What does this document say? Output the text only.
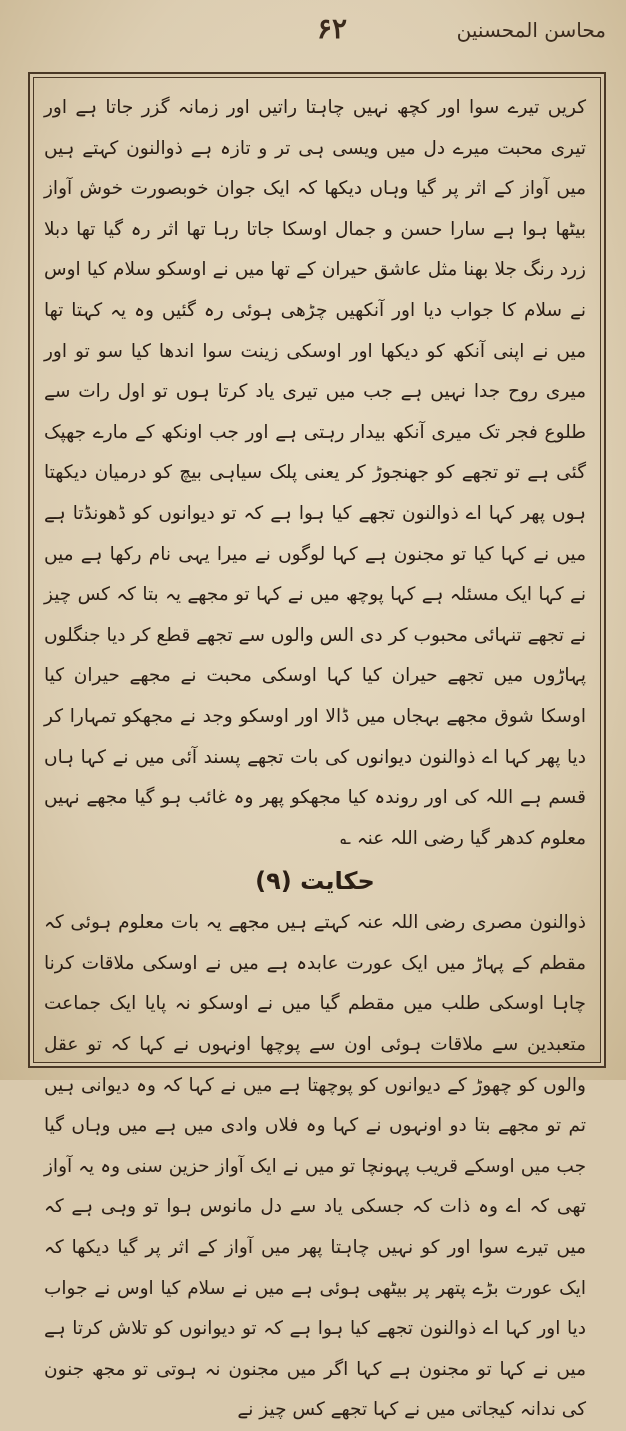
۶۲	محاسن المحسنین

کریں تیرے سوا اور کچھ نہیں چاہتا راتیں اور زمانہ گزر جاتا ہے اور تیری محبت میرے دل میں ویسی ہی تر و تازہ ہے ذوالنون کہتے ہیں میں آواز کے اثر پر گیا وہاں دیکھا کہ ایک جوان خوبصورت خوش آواز بیٹھا ہوا ہے سارا حسن و جمال اوسکا جاتا رہا تھا اثر رہ گیا تھا دبلا زرد رنگ جلا بھنا مثل عاشق حیران کے تھا میں نے اوسکو سلام کیا اوس نے سلام کا جواب دیا اور آنکھیں چڑھی ہوئی رہ گئیں وہ یہ کہتا تھا میں نے اپنی آنکھ کو دیکھا اور اوسکی زینت سوا اندھا کیا سو تو اور میری روح جدا نہیں ہے جب میں تیری یاد کرتا ہوں تو اول رات سے طلوع فجر تک میری آنکھ بیدار رہتی ہے اور جب اونکھ کے مارے جھپک گئی ہے تو تجھے کو جھنجوڑ کر یعنی پلک سیاہی بیچ کو درمیان دیکھتا ہوں پھر کہا اے ذوالنون تجھے کیا ہوا ہے کہ تو دیوانوں کو ڈھونڈتا ہے میں نے کہا کیا تو مجنون ہے کہا لوگوں نے میرا یہی نام رکھا ہے میں نے کہا ایک مسئلہ ہے کہا پوچھ میں نے کہا تو مجھے یہ بتا کہ کس چیز نے تجھے تنہائی محبوب کر دی الس والوں سے تجھے قطع کر دیا جنگلوں پہاڑوں میں تجھے حیران کیا کہا اوسکی محبت نے مجھے حیران کیا اوسکا شوق مجھے بہجاں میں ڈالا اور اوسکو وجد نے مجھکو تمہارا کر دیا پھر کہا اے ذوالنون دیوانوں کی بات تجھے پسند آئی میں نے کہا ہاں قسم ہے اللہ کی اور روندہ کیا مجھکو پھر وہ غائب ہو گیا مجھے نہیں معلوم کدھر گیا رضی اللہ عنہ ؎

حکایت (۹)

ذوالنون مصری رضی اللہ عنہ کہتے ہیں مجھے یہ بات معلوم ہوئی کہ مقطم کے پہاڑ میں ایک عورت عابدہ ہے میں نے اوسکی ملاقات کرنا چاہا اوسکی طلب میں مقطم گیا میں نے اوسکو نہ پایا ایک جماعت متعبدین سے ملاقات ہوئی اون سے پوچھا اونہوں نے کہا کہ تو عقل والوں کو چھوڑ کے دیوانوں کو پوچھتا ہے میں نے کہا کہ وہ دیوانی ہیں تم تو مجھے بتا دو اونہوں نے کہا وہ فلاں وادی میں ہے میں وہاں گیا جب میں اوسکے قریب پہونچا تو میں نے ایک آواز حزین سنی وہ یہ آواز تھی کہ اے وہ ذات کہ جسکی یاد سے دل مانوس ہوا تو وہی ہے کہ میں تیرے سوا اور کو نہیں چاہتا پھر میں آواز کے اثر پر گیا دیکھا کہ ایک عورت بڑے پتھر پر بیٹھی ہوئی ہے میں نے سلام کیا اوس نے جواب دیا اور کہا اے ذوالنون تجھے کیا ہوا ہے کہ تو دیوانوں کو تلاش کرتا ہے میں نے کہا تو مجنون ہے کہا اگر میں مجنون نہ ہوتی تو مجھ جنون کی ندانہ کیجاتی میں نے کہا تجھے کس چیز نے
